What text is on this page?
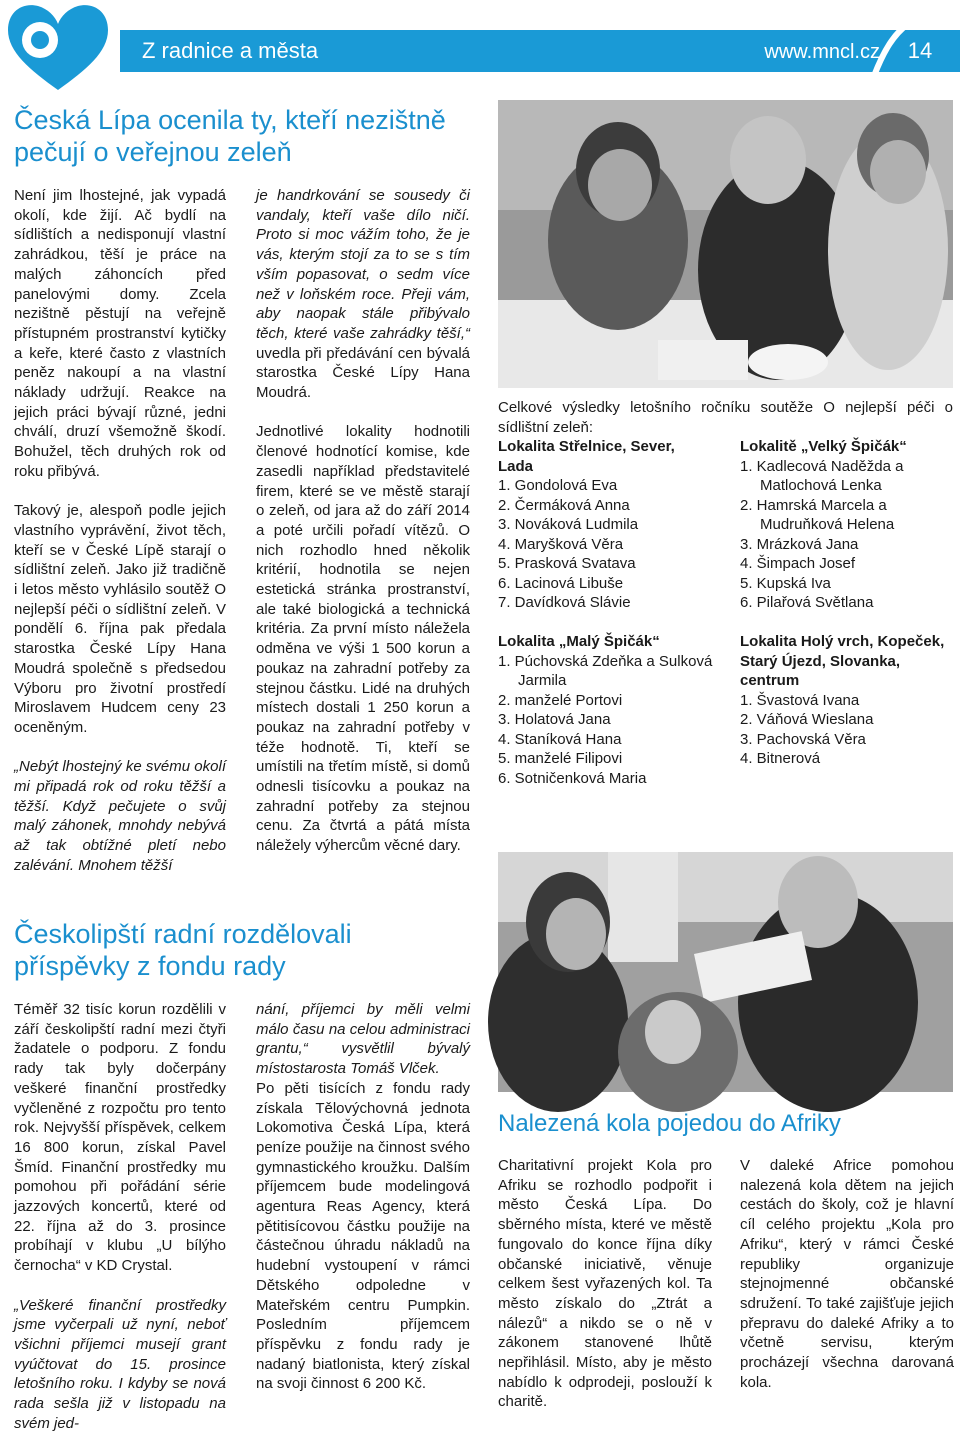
Z radnice a města	www.mncl.cz	14
Česká Lípa ocenila ty, kteří nezištně pečují o veřejnou zeleň

Není jim lhostejné, jak vypadá okolí, kde žijí. Ač bydlí na sídlištích a nedisponují vlastní zahrádkou, těší je práce na malých záhoncích před panelovými domy. Zcela nezištně pěstují na veřejně přístupném prostranství kytičky a keře, které často z vlastních peněz nakoupí a na vlastní náklady udržují. Reakce na jejich práci bývají různé, jedni chválí, druzí všemožně škodí. Bohužel, těch druhých rok od roku přibývá.

Takový je, alespoň podle jejich vlastního vyprávění, život těch, kteří se v České Lípě starají o sídlištní zeleň. Jako již tradičně i letos město vyhlásilo soutěž O nejlepší péči o sídlištní zeleň. V pondělí 6. října pak předala starostka České Lípy Hana Moudrá společně s předsedou Výboru pro životní prostředí Miroslavem Hudcem ceny 23 oceněným.

„Nebýt lhostejný ke svému okolí mi připadá rok od roku těžší a těžší. Když pečujete o svůj malý záhonek, mnohdy nebývá až tak obtížné pletí nebo zalévání. Mnohem těžší

je handrkování se sousedy či vandaly, kteří vaše dílo ničí. Proto si moc vážím toho, že je vás, kterým stojí za to se s tím vším popasovat, o sedm více než v loňském roce. Přeji vám, aby naopak stále přibývalo těch, které vaše zahrádky těší,“ uvedla při předávání cen bývalá starostka České Lípy Hana Moudrá.

Jednotlivé lokality hodnotili členové hodnotící komise, kde zasedli například představitelé firem, které se ve městě starají o zeleň, od jara až do září 2014 a poté určili pořadí vítězů. O nich rozhodlo hned několik kritérií, hodnotila se nejen estetická stránka prostranství, ale také biologická a technická kritéria. Za první místo náležela odměna ve výši 1 500 korun a poukaz na zahradní potřeby za stejnou částku. Lidé na druhých místech dostali 1 250 korun a poukaz na zahradní potřeby v téže hodnotě. Ti, kteří se umístili na třetím místě, si domů odnesli tisícovku a poukaz na zahradní potřeby za stejnou cenu. Za čtvrtá a pátá místa náležely výhercům věcné dary.

Celkové výsledky letošního ročníku soutěže O nejlepší péči o sídlištní zeleň:
Lokalita Střelnice, Sever, Lada
1. Gondolová Eva
2. Čermáková Anna
3. Nováková Ludmila
4. Maryšková Věra
5. Prasková Svatava
6. Lacinová Libuše
7. Davídková Slávie
Lokalitě „Velký Špičák“
1. Kadlecová Naděžda a Matlochová Lenka
2. Hamrská Marcela a Mudruňková Helena
3. Mrázková Jana
4. Šimpach Josef
5. Kupská Iva
6. Pilařová Světlana
Lokalita „Malý Špičák“
1. Púchovská Zdeňka a Sulková Jarmila
2. manželé Portovi
3. Holatová Jana
4. Staníková Hana
5. manželé Filipovi
6. Sotničenková Maria
Lokalita Holý vrch, Kopeček, Starý Újezd, Slovanka, centrum
1. Švastová Ivana
2. Váňová Wieslana
3. Pachovská Věra
4. Bitnerová
Českolipští radní rozdělovali příspěvky z fondu rady

Téměř 32 tisíc korun rozdělili v září českolipští radní mezi čtyři žadatele o podporu. Z fondu rady tak byly dočerpány veškeré finanční prostředky vyčleněné z rozpočtu pro tento rok. Nejvyšší příspěvek, celkem 16 800 korun, získal Pavel Šmíd. Finanční prostředky mu pomohou při pořádání série jazzových koncertů, které od 22. října až do 3. prosince probíhají v klubu „U bílýho černocha“ v KD Crystal.

„Veškeré finanční prostředky jsme vyčerpali už nyní, neboť všichni příjemci musejí grant vyúčtovat do 15. prosince letošního roku. I kdyby se nová rada sešla již v listopadu na svém jed-

nání, příjemci by měli velmi málo času na celou administraci grantu,“ vysvětlil bývalý místostarosta Tomáš Vlček.

Po pěti tisících z fondu rady získala Tělovýchovná jednota Lokomotiva Česká Lípa, která peníze použije na činnost svého gymnastického kroužku. Dalším příjemcem bude modelingová agentura Reas Agency, která pětitisícovou částku použije na částečnou úhradu nákladů na hudební vystoupení v rámci Dětského odpoledne v Mateřském centru Pumpkin. Posledním příjemcem příspěvku z fondu rady je nadaný biatlonista, který získal na svoji činnost 6 200 Kč.

Nalezená kola pojedou do Afriky

Charitativní projekt Kola pro Afriku se rozhodlo podpořit i město Česká Lípa. Do sběrného místa, které ve městě fungovalo do konce října díky občanské iniciativě, věnuje celkem šest vyřazených kol. Ta město získalo do „Ztrát a nálezů“ a nikdo se o ně v zákonem stanovené lhůtě nepřihlásil. Místo, aby je město nabídlo k odprodeji, poslouží k charitě.

V daleké Africe pomohou nalezená kola dětem na jejich cestách do školy, což je hlavní cíl celého projektu „Kola pro Afriku“, který v rámci České republiky organizuje stejnojmenné občanské sdružení. To také zajišťuje jejich přepravu do daleké Afriky a to včetně servisu, kterým procházejí všechna darovaná kola.
